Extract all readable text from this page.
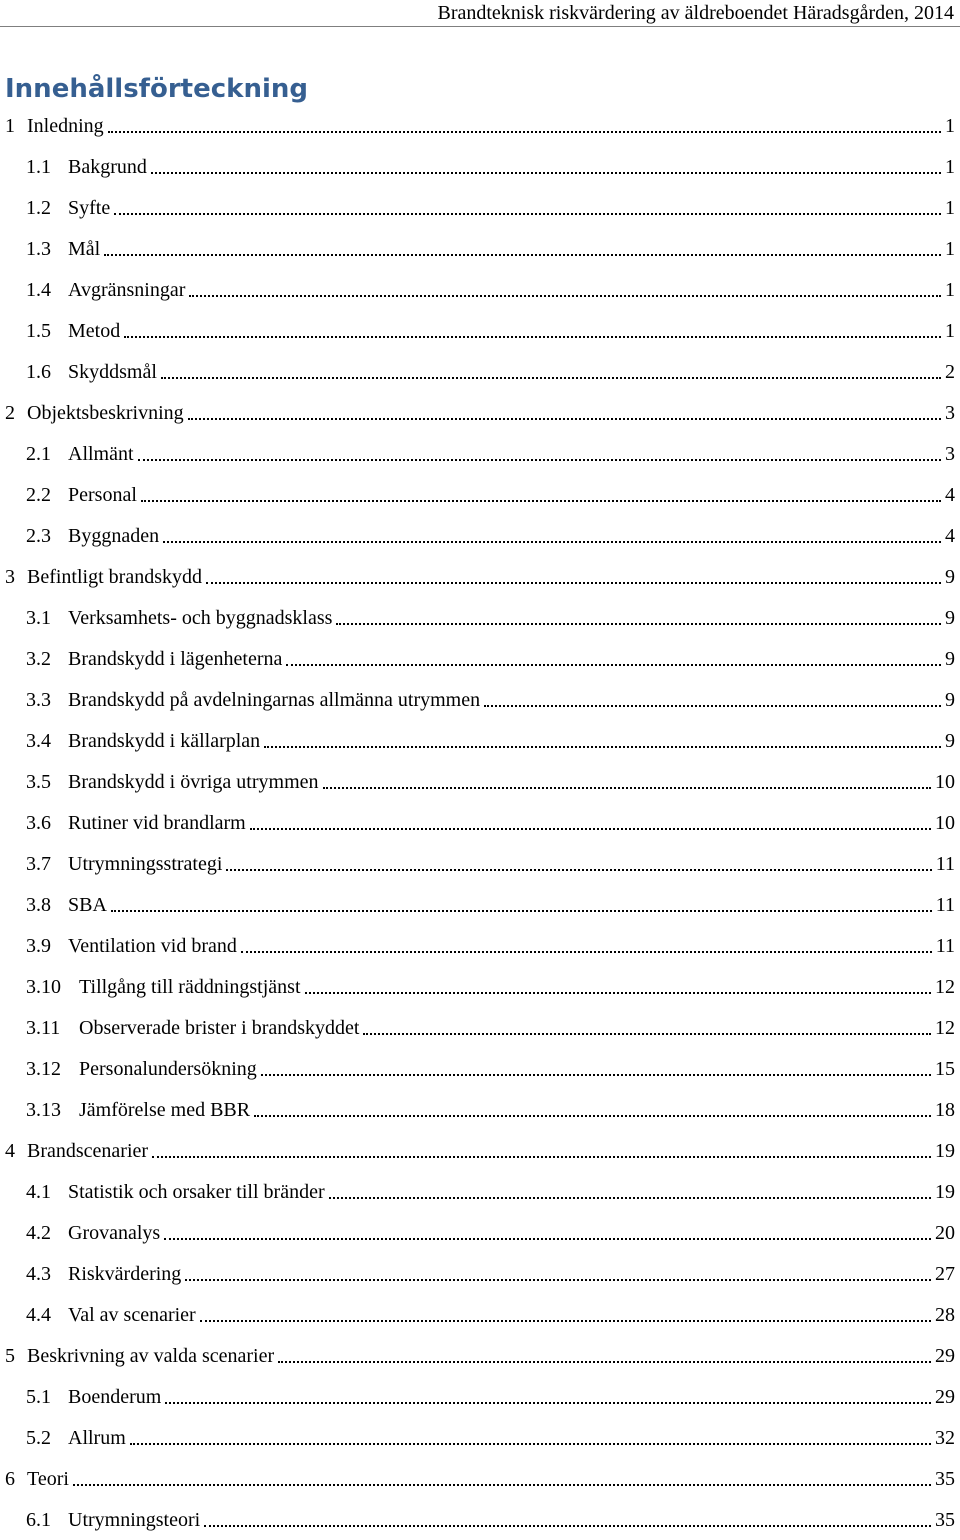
Brandteknisk riskvärdering av äldreboendet Häradsgården, 2014
Innehållsförteckning
1 Inledning	1
1.1 Bakgrund	1
1.2 Syfte	1
1.3 Mål	1
1.4 Avgränsningar	1
1.5 Metod	1
1.6 Skyddsmål	2
2 Objektsbeskrivning	3
2.1 Allmänt	3
2.2 Personal	4
2.3 Byggnaden	4
3 Befintligt brandskydd	9
3.1 Verksamhets- och byggnadsklass	9
3.2 Brandskydd i lägenheterna	9
3.3 Brandskydd på avdelningarnas allmänna utrymmen	9
3.4 Brandskydd i källarplan	9
3.5 Brandskydd i övriga utrymmen	10
3.6 Rutiner vid brandlarm	10
3.7 Utrymningsstrategi	11
3.8 SBA	11
3.9 Ventilation vid brand	11
3.10 Tillgång till räddningstjänst	12
3.11 Observerade brister i brandskyddet	12
3.12 Personalundersökning	15
3.13 Jämförelse med BBR	18
4 Brandscenarier	19
4.1 Statistik och orsaker till bränder	19
4.2 Grovanalys	20
4.3 Riskvärdering	27
4.4 Val av scenarier	28
5 Beskrivning av valda scenarier	29
5.1 Boenderum	29
5.2 Allrum	32
6 Teori	35
6.1 Utrymningsteori	35
